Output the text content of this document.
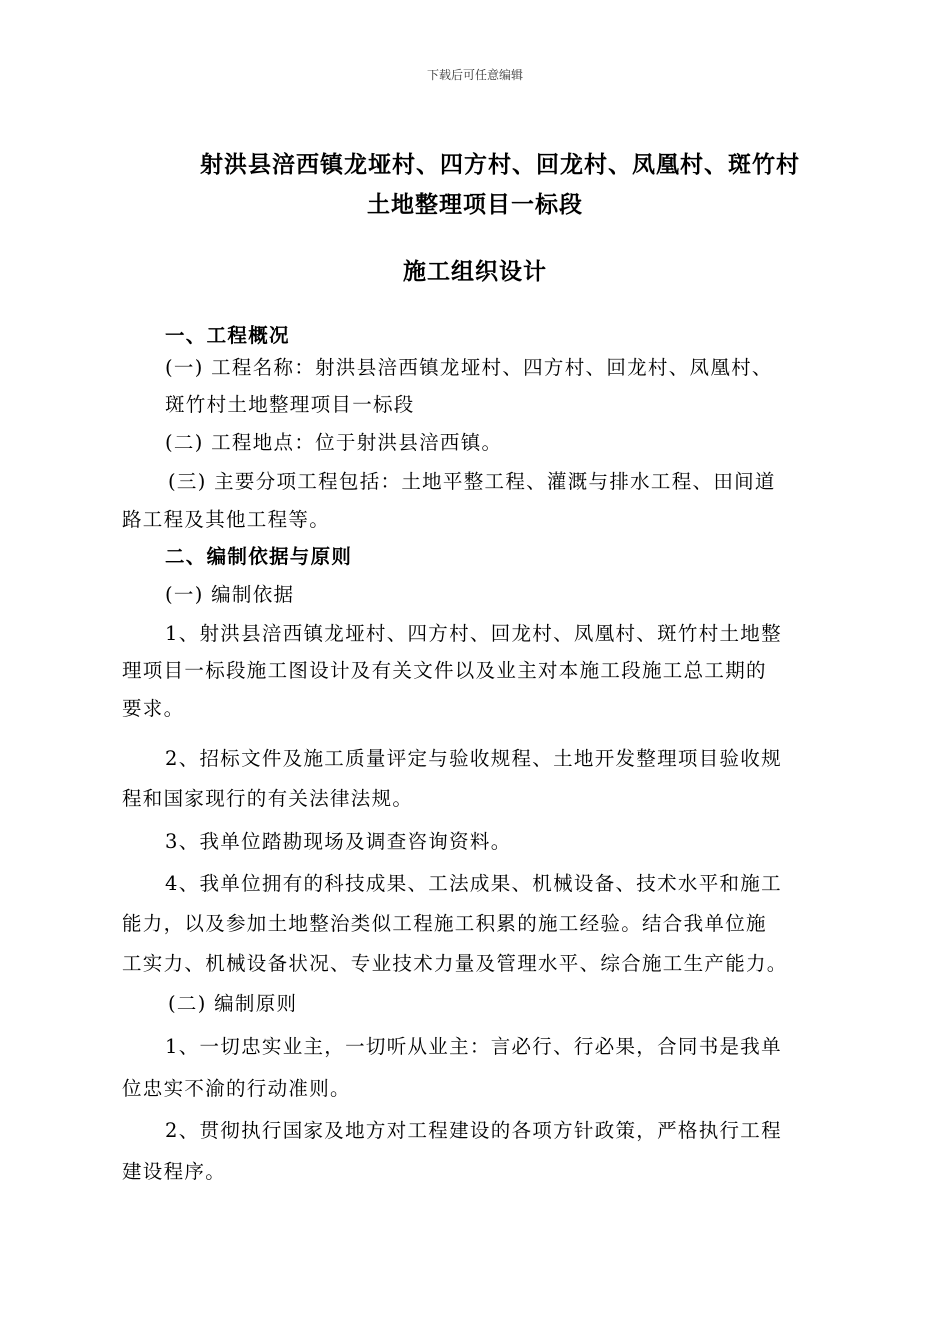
下载后可任意编辑
射洪县涪西镇龙垭村、四方村、回龙村、凤凰村、斑竹村
土地整理项目一标段
施工组织设计
一、工程概况
(一) 工程名称：射洪县涪西镇龙垭村、四方村、回龙村、凤凰村、
斑竹村土地整理项目一标段
(二) 工程地点：位于射洪县涪西镇。
(三) 主要分项工程包括：土地平整工程、灌溉与排水工程、田间道
路工程及其他工程等。
二、编制依据与原则
(一) 编制依据
1、射洪县涪西镇龙垭村、四方村、回龙村、凤凰村、斑竹村土地整
理项目一标段施工图设计及有关文件以及业主对本施工段施工总工期的
要求。
2、招标文件及施工质量评定与验收规程、土地开发整理项目验收规
程和国家现行的有关法律法规。
3、我单位踏勘现场及调查咨询资料。
4、我单位拥有的科技成果、工法成果、机械设备、技术水平和施工
能力，以及参加土地整治类似工程施工积累的施工经验。结合我单位施
工实力、机械设备状况、专业技术力量及管理水平、综合施工生产能力。
(二) 编制原则
1、一切忠实业主，一切听从业主：言必行、行必果，合同书是我单
位忠实不渝的行动准则。
2、贯彻执行国家及地方对工程建设的各项方针政策，严格执行工程
建设程序。
